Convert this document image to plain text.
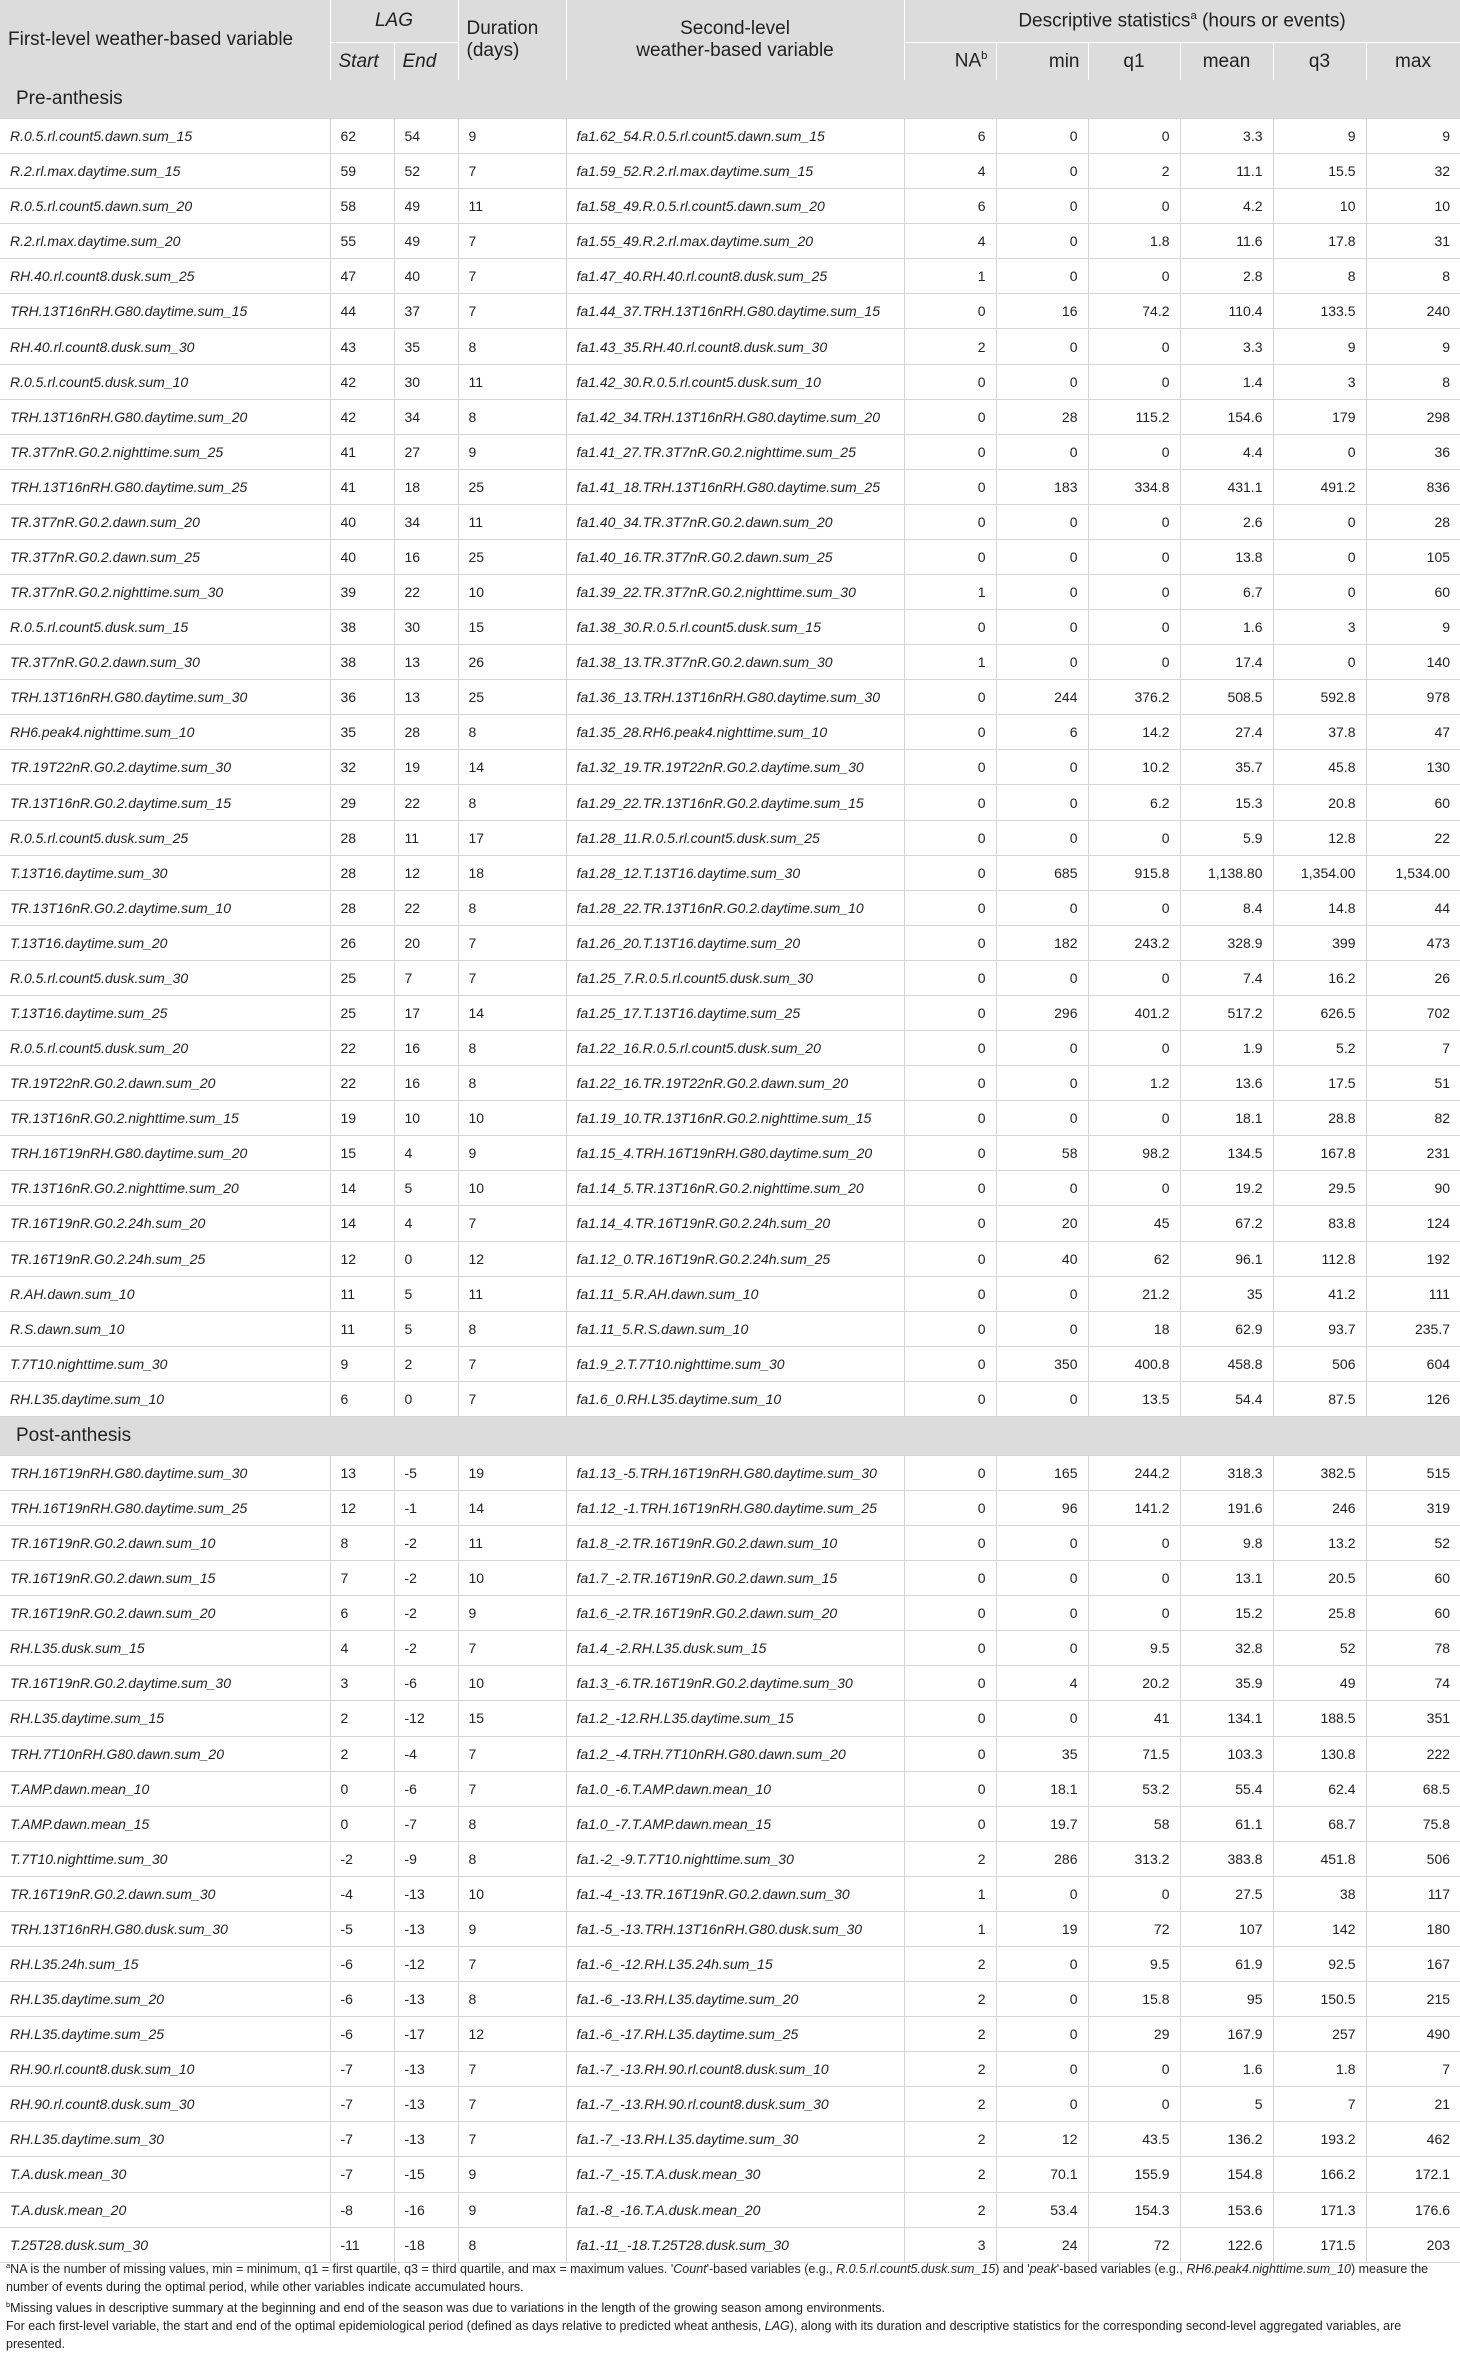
First-level weather-based variable	LAG		Duration
(days)	Second-level
weather-based variable	Descriptive statistics$^a$ (hours or events)					
	Start	End			$NA^b$	min	q1	mean	q3	max
Pre-anthesis										
R.0.5.rl.count5.dawn.sum_15	62	54	9	fa1.62_54.R.0.5.rl.count5.dawn.sum_15	6	0	0	3.3	9	9
R.2.rl.max.daytime.sum_15	59	52	7	fa1.59_52.R.2.rl.max.daytime.sum_15	4	0	2	11.1	15.5	32
R.0.5.rl.count5.dawn.sum_20	58	49	11	fa1.58_49.R.0.5.rl.count5.dawn.sum_20	6	0	0	4.2	10	10
R.2.rl.max.daytime.sum_20	55	49	7	fa1.55_49.R.2.rl.max.daytime.sum_20	4	0	1.8	11.6	17.8	31
RH.40.rl.count8.dusk.sum_25	47	40	7	fa1.47_40.RH.40.rl.count8.dusk.sum_25	1	0	0	2.8	8	8
TRH.13T16nRH.G80.daytime.sum_15	44	37	7	fa1.44_37.TRH.13T16nRH.G80.daytime.sum_15	0	16	74.2	110.4	133.5	240
RH.40.rl.count8.dusk.sum_30	43	35	8	fa1.43_35.RH.40.rl.count8.dusk.sum_30	2	0	0	3.3	9	9
R.0.5.rl.count5.dusk.sum_10	42	30	11	fa1.42_30.R.0.5.rl.count5.dusk.sum_10	0	0	0	1.4	3	8
TRH.13T16nRH.G80.daytime.sum_20	42	34	8	fa1.42_34.TRH.13T16nRH.G80.daytime.sum_20	0	28	115.2	154.6	179	298
TR.3T7nR.G0.2.nighttime.sum_25	41	27	9	fa1.41_27.TR.3T7nR.G0.2.nighttime.sum_25	0	0	0	4.4	0	36
TRH.13T16nRH.G80.daytime.sum_25	41	18	25	fa1.41_18.TRH.13T16nRH.G80.daytime.sum_25	0	183	334.8	431.1	491.2	836
TR.3T7nR.G0.2.dawn.sum_20	40	34	11	fa1.40_34.TR.3T7nR.G0.2.dawn.sum_20	0	0	0	2.6	0	28
TR.3T7nR.G0.2.dawn.sum_25	40	16	25	fa1.40_16.TR.3T7nR.G0.2.dawn.sum_25	0	0	0	13.8	0	105
TR.3T7nR.G0.2.nighttime.sum_30	39	22	10	fa1.39_22.TR.3T7nR.G0.2.nighttime.sum_30	1	0	0	6.7	0	60
R.0.5.rl.count5.dusk.sum_15	38	30	15	fa1.38_30.R.0.5.rl.count5.dusk.sum_15	0	0	0	1.6	3	9
TR.3T7nR.G0.2.dawn.sum_30	38	13	26	fa1.38_13.TR.3T7nR.G0.2.dawn.sum_30	1	0	0	17.4	0	140
TRH.13T16nRH.G80.daytime.sum_30	36	13	25	fa1.36_13.TRH.13T16nRH.G80.daytime.sum_30	0	244	376.2	508.5	592.8	978
RH6.peak4.nighttime.sum_10	35	28	8	fa1.35_28.RH6.peak4.nighttime.sum_10	0	6	14.2	27.4	37.8	47
TR.19T22nR.G0.2.daytime.sum_30	32	19	14	fa1.32_19.TR.19T22nR.G0.2.daytime.sum_30	0	0	10.2	35.7	45.8	130
TR.13T16nR.G0.2.daytime.sum_15	29	22	8	fa1.29_22.TR.13T16nR.G0.2.daytime.sum_15	0	0	6.2	15.3	20.8	60
R.0.5.rl.count5.dusk.sum_25	28	11	17	fa1.28_11.R.0.5.rl.count5.dusk.sum_25	0	0	0	5.9	12.8	22
T.13T16.daytime.sum_30	28	12	18	fa1.28_12.T.13T16.daytime.sum_30	0	685	915.8	1,138.80	1,354.00	1,534.00
TR.13T16nR.G0.2.daytime.sum_10	28	22	8	fa1.28_22.TR.13T16nR.G0.2.daytime.sum_10	0	0	0	8.4	14.8	44
T.13T16.daytime.sum_20	26	20	7	fa1.26_20.T.13T16.daytime.sum_20	0	182	243.2	328.9	399	473
R.0.5.rl.count5.dusk.sum_30	25	7	7	fa1.25_7.R.0.5.rl.count5.dusk.sum_30	0	0	0	7.4	16.2	26
T.13T16.daytime.sum_25	25	17	14	fa1.25_17.T.13T16.daytime.sum_25	0	296	401.2	517.2	626.5	702
R.0.5.rl.count5.dusk.sum_20	22	16	8	fa1.22_16.R.0.5.rl.count5.dusk.sum_20	0	0	0	1.9	5.2	7
TR.19T22nR.G0.2.dawn.sum_20	22	16	8	fa1.22_16.TR.19T22nR.G0.2.dawn.sum_20	0	0	1.2	13.6	17.5	51
TR.13T16nR.G0.2.nighttime.sum_15	19	10	10	fa1.19_10.TR.13T16nR.G0.2.nighttime.sum_15	0	0	0	18.1	28.8	82
TRH.16T19nRH.G80.daytime.sum_20	15	4	9	fa1.15_4.TRH.16T19nRH.G80.daytime.sum_20	0	58	98.2	134.5	167.8	231
TR.13T16nR.G0.2.nighttime.sum_20	14	5	10	fa1.14_5.TR.13T16nR.G0.2.nighttime.sum_20	0	0	0	19.2	29.5	90
TR.16T19nR.G0.2.24h.sum_20	14	4	7	fa1.14_4.TR.16T19nR.G0.2.24h.sum_20	0	20	45	67.2	83.8	124
TR.16T19nR.G0.2.24h.sum_25	12	0	12	fa1.12_0.TR.16T19nR.G0.2.24h.sum_25	0	40	62	96.1	112.8	192
R.AH.dawn.sum_10	11	5	11	fa1.11_5.R.AH.dawn.sum_10	0	0	21.2	35	41.2	111
R.S.dawn.sum_10	11	5	8	fa1.11_5.R.S.dawn.sum_10	0	0	18	62.9	93.7	235.7
T.7T10.nighttime.sum_30	9	2	7	fa1.9_2.T.7T10.nighttime.sum_30	0	350	400.8	458.8	506	604
RH.L35.daytime.sum_10	6	0	7	fa1.6_0.RH.L35.daytime.sum_10	0	0	13.5	54.4	87.5	126
Post-anthesis										
TRH.16T19nRH.G80.daytime.sum_30	13	-5	19	fa1.13_-5.TRH.16T19nRH.G80.daytime.sum_30	0	165	244.2	318.3	382.5	515
TRH.16T19nRH.G80.daytime.sum_25	12	-1	14	fa1.12_-1.TRH.16T19nRH.G80.daytime.sum_25	0	96	141.2	191.6	246	319
TR.16T19nR.G0.2.dawn.sum_10	8	-2	11	fa1.8_-2.TR.16T19nR.G0.2.dawn.sum_10	0	0	0	9.8	13.2	52
TR.16T19nR.G0.2.dawn.sum_15	7	-2	10	fa1.7_-2.TR.16T19nR.G0.2.dawn.sum_15	0	0	0	13.1	20.5	60
TR.16T19nR.G0.2.dawn.sum_20	6	-2	9	fa1.6_-2.TR.16T19nR.G0.2.dawn.sum_20	0	0	0	15.2	25.8	60
RH.L35.dusk.sum_15	4	-2	7	fa1.4_-2.RH.L35.dusk.sum_15	0	0	9.5	32.8	52	78
TR.16T19nR.G0.2.daytime.sum_30	3	-6	10	fa1.3_-6.TR.16T19nR.G0.2.daytime.sum_30	0	4	20.2	35.9	49	74
RH.L35.daytime.sum_15	2	-12	15	fa1.2_-12.RH.L35.daytime.sum_15	0	0	41	134.1	188.5	351
TRH.7T10nRH.G80.dawn.sum_20	2	-4	7	fa1.2_-4.TRH.7T10nRH.G80.dawn.sum_20	0	35	71.5	103.3	130.8	222
T.AMP.dawn.mean_10	0	-6	7	fa1.0_-6.T.AMP.dawn.mean_10	0	18.1	53.2	55.4	62.4	68.5
T.AMP.dawn.mean_15	0	-7	8	fa1.0_-7.T.AMP.dawn.mean_15	0	19.7	58	61.1	68.7	75.8
T.7T10.nighttime.sum_30	-2	-9	8	fa1.-2_-9.T.7T10.nighttime.sum_30	2	286	313.2	383.8	451.8	506
TR.16T19nR.G0.2.dawn.sum_30	-4	-13	10	fa1.-4_-13.TR.16T19nR.G0.2.dawn.sum_30	1	0	0	27.5	38	117
TRH.13T16nRH.G80.dusk.sum_30	-5	-13	9	fa1.-5_-13.TRH.13T16nRH.G80.dusk.sum_30	1	19	72	107	142	180
RH.L35.24h.sum_15	-6	-12	7	fa1.-6_-12.RH.L35.24h.sum_15	2	0	9.5	61.9	92.5	167
RH.L35.daytime.sum_20	-6	-13	8	fa1.-6_-13.RH.L35.daytime.sum_20	2	0	15.8	95	150.5	215
RH.L35.daytime.sum_25	-6	-17	12	fa1.-6_-17.RH.L35.daytime.sum_25	2	0	29	167.9	257	490
RH.90.rl.count8.dusk.sum_10	-7	-13	7	fa1.-7_-13.RH.90.rl.count8.dusk.sum_10	2	0	0	1.6	1.8	7
RH.90.rl.count8.dusk.sum_30	-7	-13	7	fa1.-7_-13.RH.90.rl.count8.dusk.sum_30	2	0	0	5	7	21
RH.L35.daytime.sum_30	-7	-13	7	fa1.-7_-13.RH.L35.daytime.sum_30	2	12	43.5	136.2	193.2	462
T.A.dusk.mean_30	-7	-15	9	fa1.-7_-15.T.A.dusk.mean_30	2	70.1	155.9	154.8	166.2	172.1
T.A.dusk.mean_20	-8	-16	9	fa1.-8_-16.T.A.dusk.mean_20	2	53.4	154.3	153.6	171.3	176.6
T.25T28.dusk.sum_30	-11	-18	8	fa1.-11_-18.T.25T28.dusk.sum_30	3	24	72	122.6	171.5	203

$^a$NA is the number of missing values, min = minimum, q1 = first quartile, q3 = third quartile, and max = maximum values. 'Count'-based variables (e.g., R.0.5.rl.count5.dusk.sum_15) and 'peak'-based variables (e.g., RH6.peak4.nighttime.sum_10) measure the number of events during the optimal period, while other variables indicate accumulated hours.

$^b$Missing values in descriptive summary at the beginning and end of the season was due to variations in the length of the growing season among environments.

For each first-level variable, the start and end of the optimal epidemiological period (defined as days relative to predicted wheat anthesis, LAG), along with its duration and descriptive statistics for the corresponding second-level aggregated variables, are presented.
